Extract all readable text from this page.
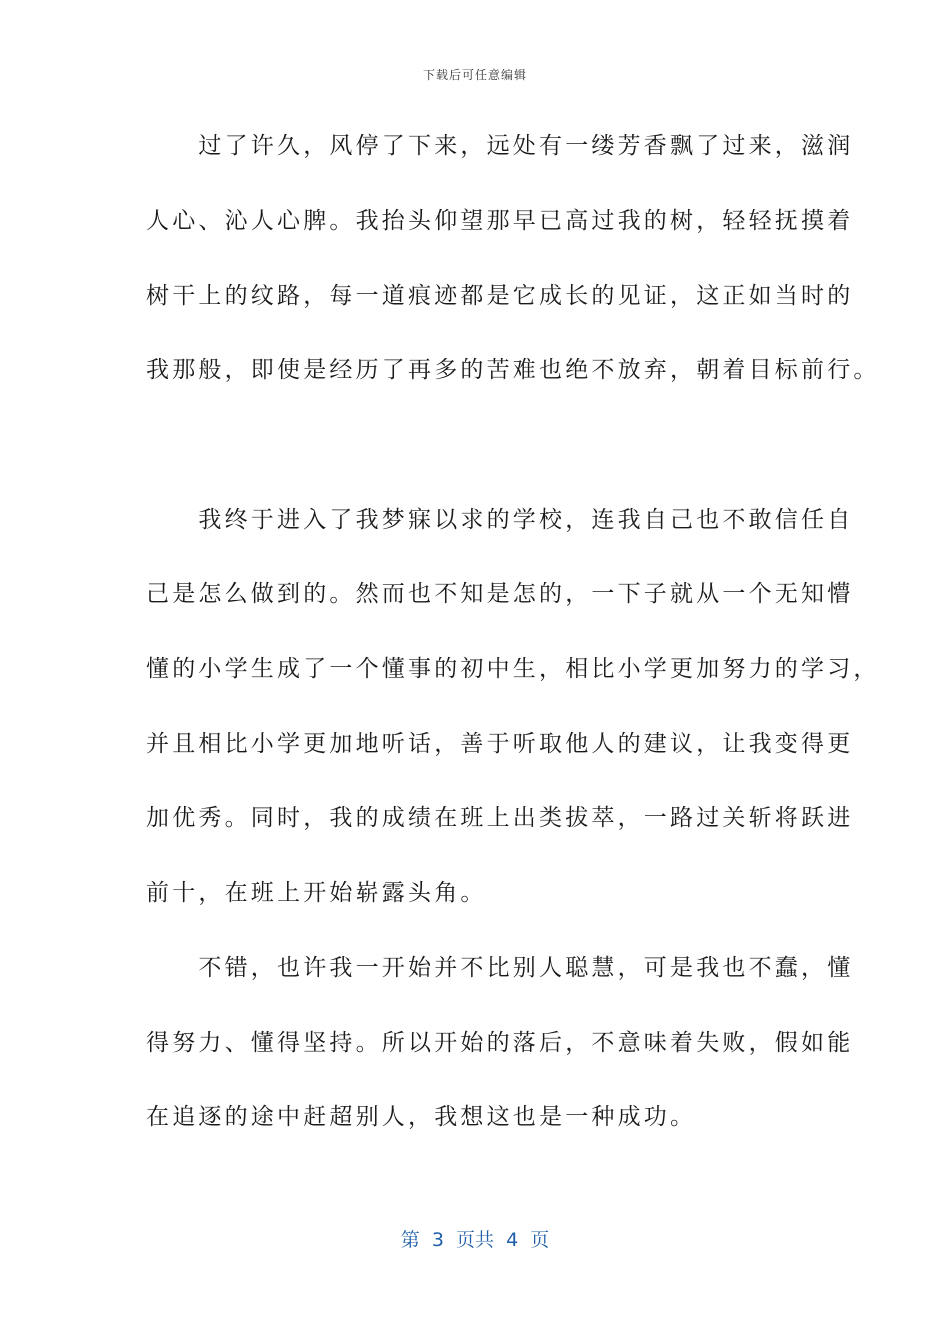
下载后可任意编辑
　　过了许久，风停了下来，远处有一缕芳香飘了过来，滋润
人心、沁人心脾。我抬头仰望那早已高过我的树，轻轻抚摸着
树干上的纹路，每一道痕迹都是它成长的见证，这正如当时的
我那般，即使是经历了再多的苦难也绝不放弃，朝着目标前行。
　　我终于进入了我梦寐以求的学校，连我自己也不敢信任自
己是怎么做到的。然而也不知是怎的，一下子就从一个无知懵
懂的小学生成了一个懂事的初中生，相比小学更加努力的学习，
并且相比小学更加地听话，善于听取他人的建议，让我变得更
加优秀。同时，我的成绩在班上出类拔萃，一路过关斩将跃进
前十，在班上开始崭露头角。
　　不错，也许我一开始并不比别人聪慧，可是我也不蠢，懂
得努力、懂得坚持。所以开始的落后，不意味着失败，假如能
在追逐的途中赶超别人，我想这也是一种成功。
第  3  页共  4  页
